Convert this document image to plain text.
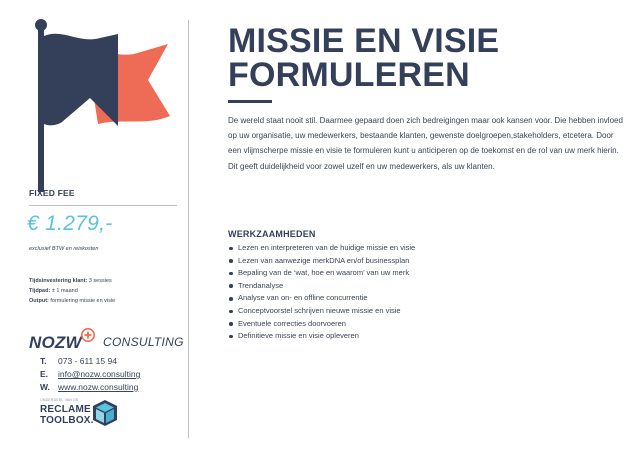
FIXED FEE
€ 1.279,-
exclusief BTW en reiskosten
Tijdsinvestering klant: 3 sessies
Tijdpad: ± 1 maand
Output: formulering missie en visie
NOZW CONSULTING
T. 073 - 611 15 94
E. info@nozw.consulting
W. www.nozw.consulting
ONDERDEEL VAN DE
RECLAME
TOOLBOX.
MISSIE EN VISIE
FORMULEREN

De wereld staat nooit stil. Daarmee gepaard doen zich bedreigingen maar ook kansen voor. Die hebben invloed op uw organisatie, uw medewerkers, bestaande klanten, gewenste doelgroepen,stakeholders, etcetera. Door een vlijmscherpe missie en visie te formuleren kunt u anticiperen op de toekomst en de rol van uw merk hierin. Dit geeft duidelijkheid voor zowel uzelf en uw medewerkers, als uw klanten.

WERKZAAMHEDEN
Lezen en interpreteren van de huidige missie en visie
Lezen van aanwezige merkDNA en/of businessplan
Bepaling van de ‘wat, hoe en waarom’ van uw merk
Trendanalyse
Analyse van on- en offline concurrentie
Conceptvoorstel schrijven nieuwe missie en visie
Eventuele correcties doorvoeren
Definitieve missie en visie opleveren
